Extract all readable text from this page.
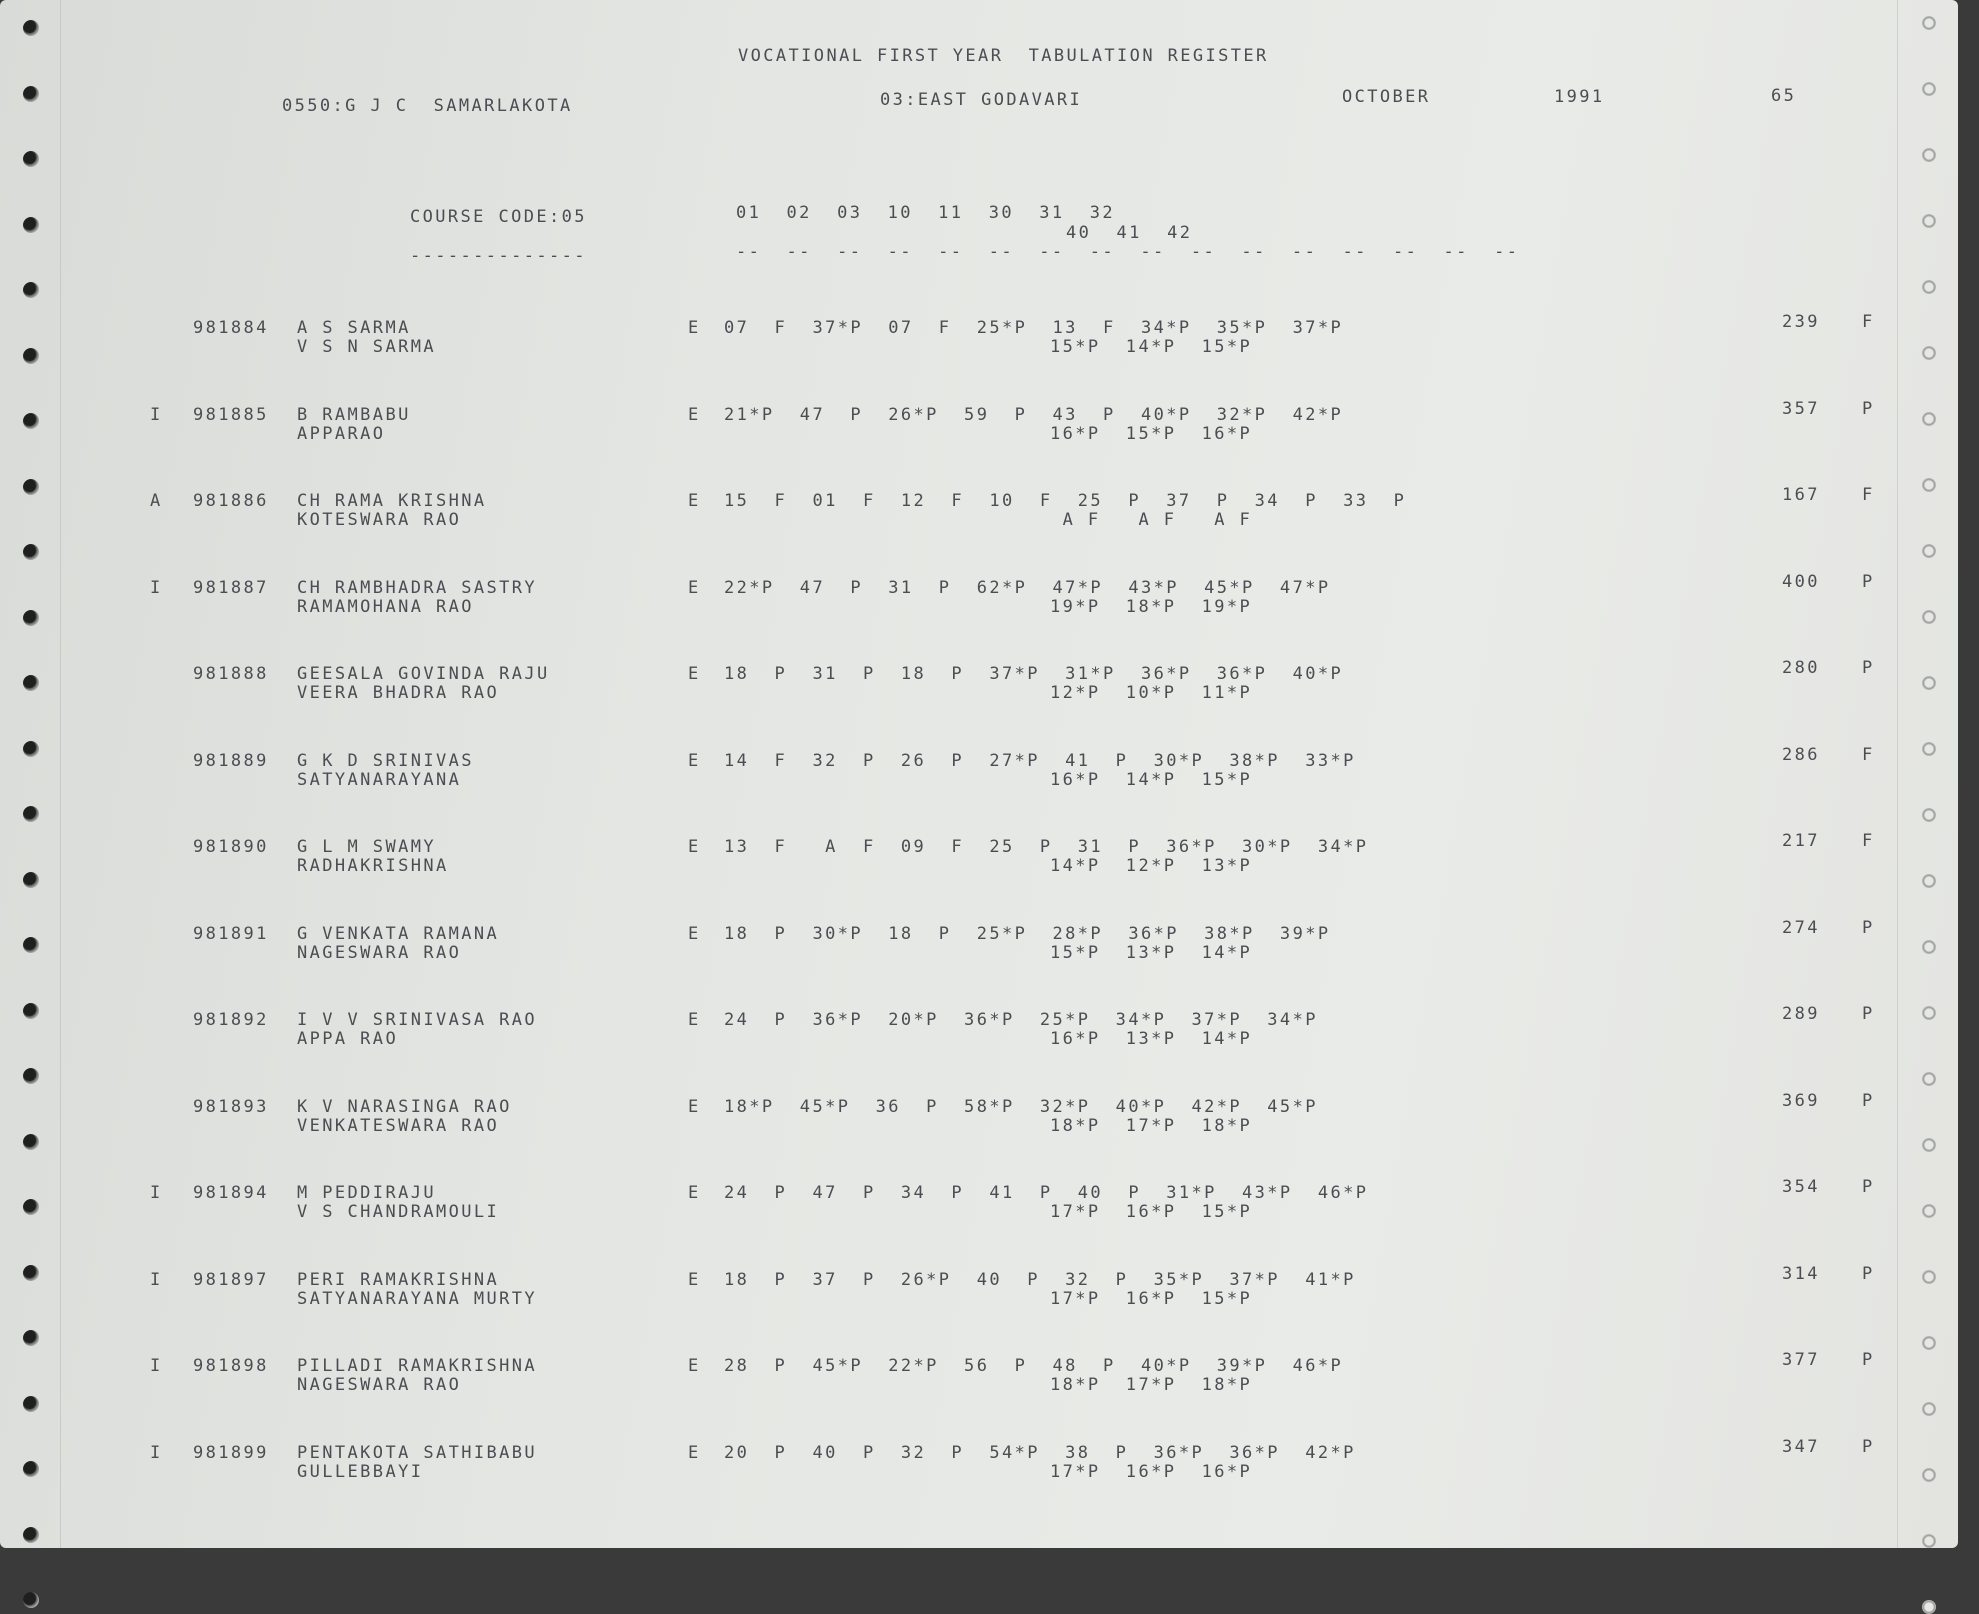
VOCATIONAL FIRST YEAR  TABULATION REGISTER
0550:G J C  SAMARLAKOTA	03:EAST GODAVARI	OCTOBER	1991	65
COURSE CODE:05
--------------
01  02  03  10  11  30  31  32
40  41  42
--  --  --  --  --  --  --  --  --  --  --  --  --  --  --  --
981884 A S SARMA
V S N SARMA
E 07  F  37*P  07  F  25*P  13  F  34*P  35*P  37*P
15*P  14*P  15*P
239 F
I 981885 B RAMBABU
APPARAO
E 21*P  47  P  26*P  59  P  43  P  40*P  32*P  42*P
16*P  15*P  16*P
357 P
A 981886 CH RAMA KRISHNA
KOTESWARA RAO
E 15  F  01  F  12  F  10  F  25  P  37  P  34  P  33  P
A F   A F   A F
167 F
I 981887 CH RAMBHADRA SASTRY
RAMAMOHANA RAO
E 22*P  47  P  31  P  62*P  47*P  43*P  45*P  47*P
19*P  18*P  19*P
400 P
981888 GEESALA GOVINDA RAJU
VEERA BHADRA RAO
E 18  P  31  P  18  P  37*P  31*P  36*P  36*P  40*P
12*P  10*P  11*P
280 P
981889 G K D SRINIVAS
SATYANARAYANA
E 14  F  32  P  26  P  27*P  41  P  30*P  38*P  33*P
16*P  14*P  15*P
286 F
981890 G L M SWAMY
RADHAKRISHNA
E 13  F   A  F  09  F  25  P  31  P  36*P  30*P  34*P
14*P  12*P  13*P
217 F
981891 G VENKATA RAMANA
NAGESWARA RAO
E 18  P  30*P  18  P  25*P  28*P  36*P  38*P  39*P
15*P  13*P  14*P
274 P
981892 I V V SRINIVASA RAO
APPA RAO
E 24  P  36*P  20*P  36*P  25*P  34*P  37*P  34*P
16*P  13*P  14*P
289 P
981893 K V NARASINGA RAO
VENKATESWARA RAO
E 18*P  45*P  36  P  58*P  32*P  40*P  42*P  45*P
18*P  17*P  18*P
369 P
I 981894 M PEDDIRAJU
V S CHANDRAMOULI
E 24  P  47  P  34  P  41  P  40  P  31*P  43*P  46*P
17*P  16*P  15*P
354 P
I 981897 PERI RAMAKRISHNA
SATYANARAYANA MURTY
E 18  P  37  P  26*P  40  P  32  P  35*P  37*P  41*P
17*P  16*P  15*P
314 P
I 981898 PILLADI RAMAKRISHNA
NAGESWARA RAO
E 28  P  45*P  22*P  56  P  48  P  40*P  39*P  46*P
18*P  17*P  18*P
377 P
I 981899 PENTAKOTA SATHIBABU
GULLEBBAYI
E 20  P  40  P  32  P  54*P  38  P  36*P  36*P  42*P
17*P  16*P  16*P
347 P
